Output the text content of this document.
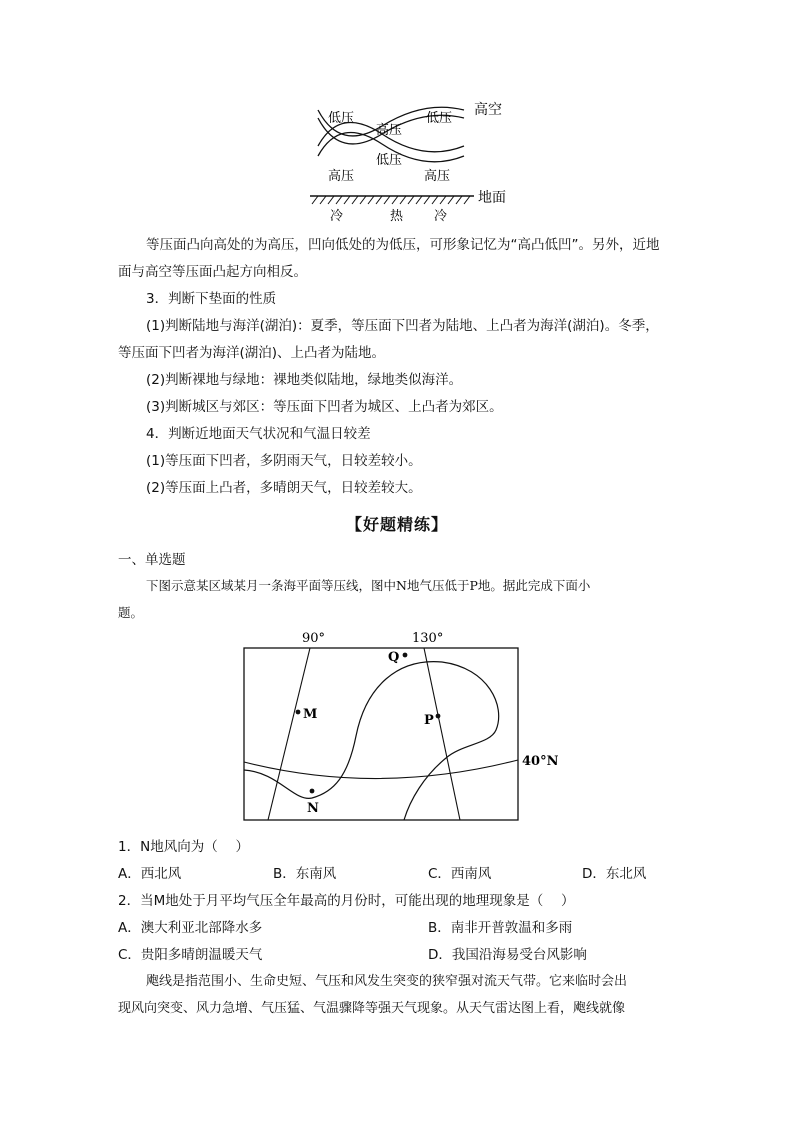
低压
高压
低压
高空
高压
低压
高压
地面
冷	热 冷
等压面凸向高处的为高压，凹向低处的为低压，可形象记忆为“高凸低凹”。另外，近地
面与高空等压面凸起方向相反。
3．判断下垫面的性质
(1)判断陆地与海洋(湖泊)：夏季，等压面下凹者为陆地、上凸者为海洋(湖泊)。冬季，
等压面下凹者为海洋(湖泊)、上凸者为陆地。
(2)判断裸地与绿地：裸地类似陆地，绿地类似海洋。
(3)判断城区与郊区：等压面下凹者为城区、上凸者为郊区。
4．判断近地面天气状况和气温日较差
(1)等压面下凹者，多阴雨天气，日较差较小。
(2)等压面上凸者，多晴朗天气，日较差较大。
【好题精练】
一、单选题
下图示意某区域某月一条海平面等压线，图中N地气压低于P地。据此完成下面小
题。
90°	130°
40°N
Q
M	P
N
1．N地风向为（　 ）
A．西北风	B．东南风	C．西南风	D．东北风
2．当M地处于月平均气压全年最高的月份时，可能出现的地理现象是（　 ）
A．澳大利亚北部降水多	B．南非开普敦温和多雨
C．贵阳多晴朗温暖天气	D．我国沿海易受台风影响
飑线是指范围小、生命史短、气压和风发生突变的狭窄强对流天气带。它来临时会出
现风向突变、风力急增、气压猛、气温骤降等强天气现象。从天气雷达图上看，飑线就像
